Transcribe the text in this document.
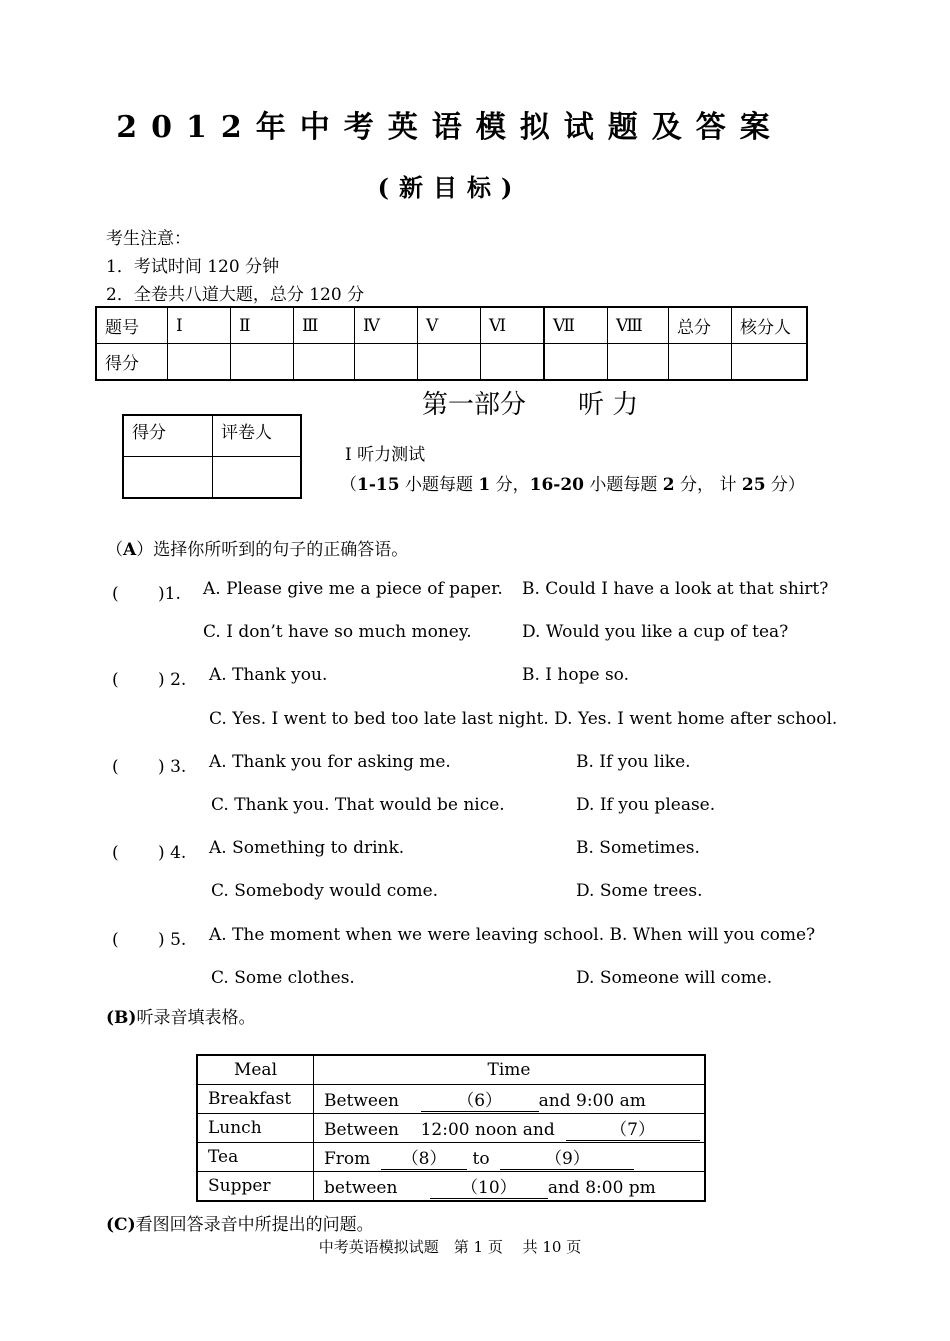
2012年中考英语模拟试题及答案
(新目标)
考生注意：
1．考试时间 120 分钟
2．全卷共八道大题，总分 120 分
题号	Ⅰ	Ⅱ	Ⅲ	Ⅳ	Ⅴ	Ⅵ	Ⅶ	Ⅷ	总分	核分人
得分										
第一部分　　听 力
得分	评卷人

Ⅰ 听力测试
（1-15 小题每题 1 分，16-20 小题每题 2 分， 计 25 分）
（A）选择你所听到的句子的正确答语。
(　 　)1. A. Please give me a piece of paper. B. Could I have a look at that shirt?
C. I don’t have so much money.	D. Would you like a cup of tea?
(　 　) 2. A. Thank you.	B. I hope so.
C. Yes. I went to bed too late last night. D. Yes. I went home after school.
(　 　) 3. A. Thank you for asking me.	B. If you like.
C. Thank you. That would be nice.	D. If you please.
(　 　) 4. A. Something to drink.	B. Sometimes.
C. Somebody would come.	D. Some trees.
(　 　) 5. A. The moment when we were leaving school. B. When will you come?
C. Some clothes.	D. Someone will come.
(B)听录音填表格。
Meal	Time
Breakfast	Between （6） and 9:00 am
Lunch	Between    12:00 noon and （7）
Tea	From （8） to （9）
Supper	between （10） and 8:00 pm
(C)看图回答录音中所提出的问题。
中考英语模拟试题　第 1 页　 共 10 页
